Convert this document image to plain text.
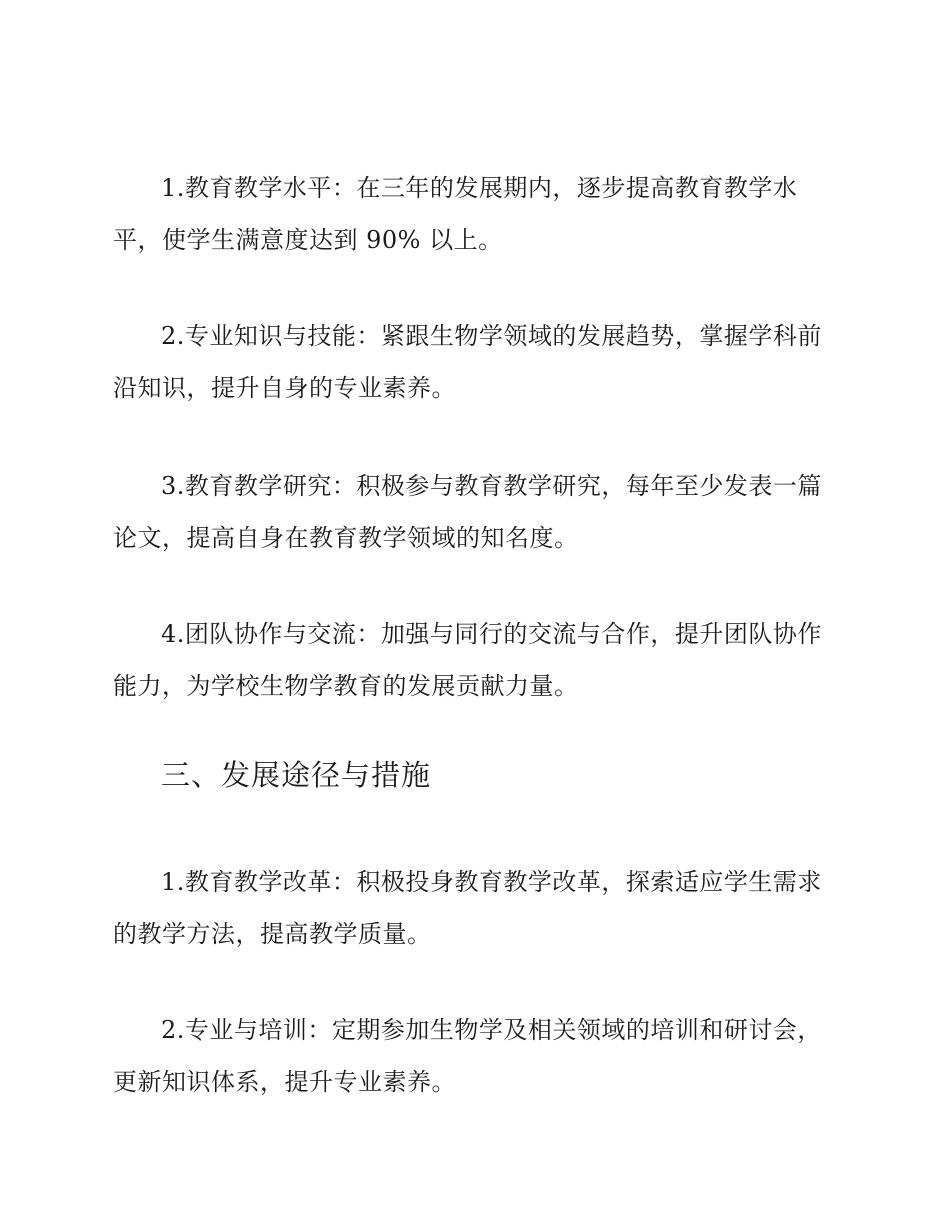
1.教育教学水平：在三年的发展期内，逐步提高教育教学水平，使学生满意度达到 90% 以上。

2.专业知识与技能：紧跟生物学领域的发展趋势，掌握学科前沿知识，提升自身的专业素养。

3.教育教学研究：积极参与教育教学研究，每年至少发表一篇论文，提高自身在教育教学领域的知名度。

4.团队协作与交流：加强与同行的交流与合作，提升团队协作能力，为学校生物学教育的发展贡献力量。

三、发展途径与措施

1.教育教学改革：积极投身教育教学改革，探索适应学生需求的教学方法，提高教学质量。

2.专业与培训：定期参加生物学及相关领域的培训和研讨会，更新知识体系，提升专业素养。
